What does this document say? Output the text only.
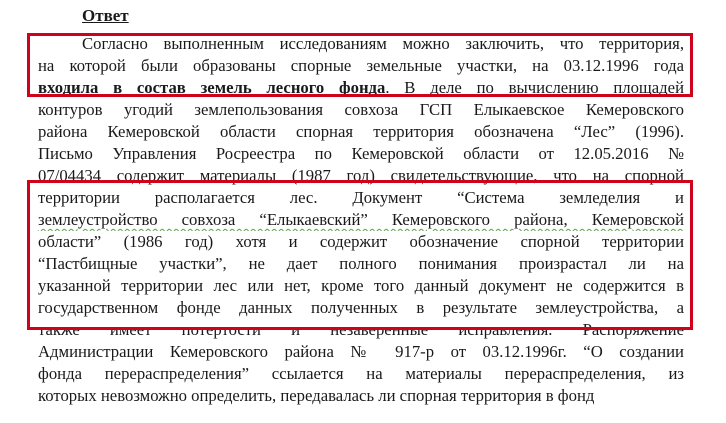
Ответ
Согласно выполненным исследованиям можно заключить, что территория,
на которой были образованы спорные земельные участки, на 03.12.1996 года
входила в состав земель лесного фонда. В деле по вычислению площадей
контуров угодий землепользования совхоза ГСП Елыкаевское Кемеровского
района Кемеровской области спорная территория обозначена “Лес” (1996).
Письмо Управления Росреестра по Кемеровской области от 12.05.2016 №
07/04434 содержит материалы (1987 год) свидетельствующие, что на спорной
территории располагается лес. Документ “Система земледелия и
землеустройство совхоза “Елыкаевский” Кемеровского района, Кемеровской
области” (1986 год) хотя и содержит обозначение спорной территории
“Пастбищные участки”, не дает полного понимания произрастал ли на
указанной территории лес или нет, кроме того данный документ не содержится в
государственном фонде данных полученных в результате землеустройства, а
также имеет потертости и незаверенные исправления. Распоряжение
Администрации Кемеровского района № 917-р от 03.12.1996г. “О создании
фонда перераспределения” ссылается на материалы перераспределения, из
которых невозможно определить, передавалась ли спорная территория в фонд
